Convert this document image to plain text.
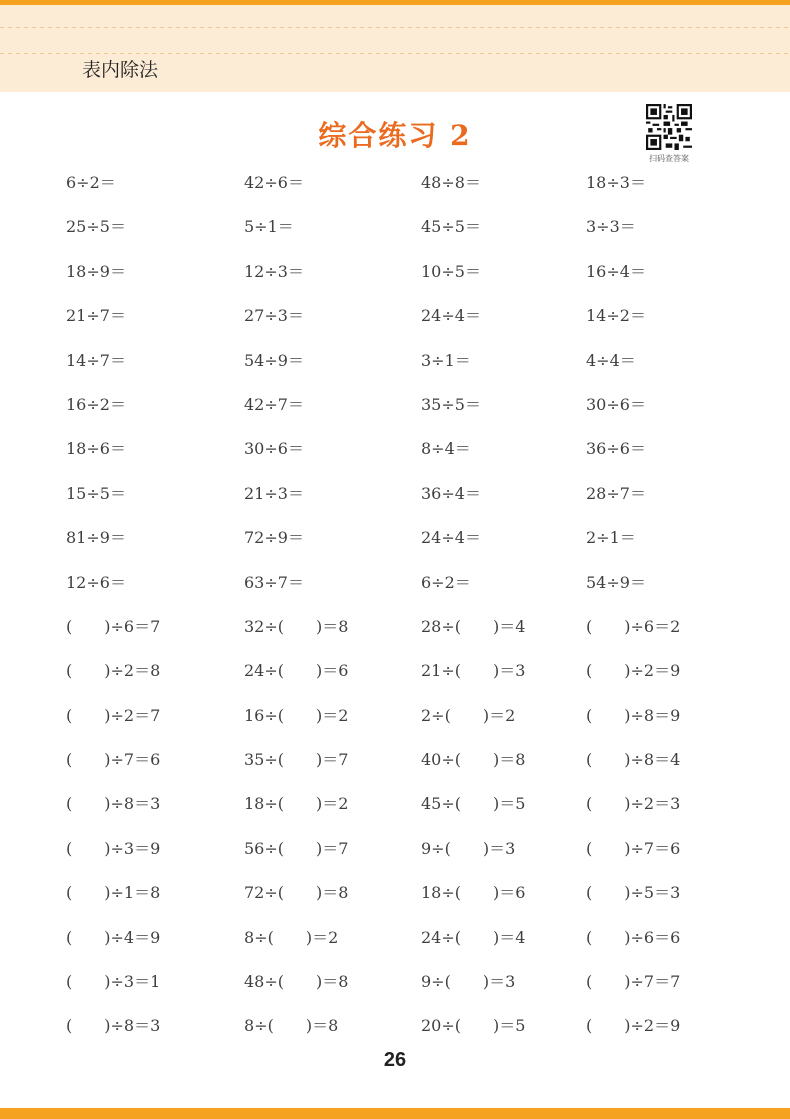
表内除法
综合练习 2
扫码查答案
6÷2＝	42÷6＝	48÷8＝	18÷3＝
25÷5＝	5÷1＝	45÷5＝	3÷3＝
18÷9＝	12÷3＝	10÷5＝	16÷4＝
21÷7＝	27÷3＝	24÷4＝	14÷2＝
14÷7＝	54÷9＝	3÷1＝	4÷4＝
16÷2＝	42÷7＝	35÷5＝	30÷6＝
18÷6＝	30÷6＝	8÷4＝	36÷6＝
15÷5＝	21÷3＝	36÷4＝	28÷7＝
81÷9＝	72÷9＝	24÷4＝	2÷1＝
12÷6＝	63÷7＝	6÷2＝	54÷9＝
(　　)÷6＝7	32÷(　　)＝8	28÷(　　)＝4	(　　)÷6＝2
(　　)÷2＝8	24÷(　　)＝6	21÷(　　)＝3	(　　)÷2＝9
(　　)÷2＝7	16÷(　　)＝2	2÷(　　)＝2	(　　)÷8＝9
(　　)÷7＝6	35÷(　　)＝7	40÷(　　)＝8	(　　)÷8＝4
(　　)÷8＝3	18÷(　　)＝2	45÷(　　)＝5	(　　)÷2＝3
(　　)÷3＝9	56÷(　　)＝7	9÷(　　)＝3	(　　)÷7＝6
(　　)÷1＝8	72÷(　　)＝8	18÷(　　)＝6	(　　)÷5＝3
(　　)÷4＝9	8÷(　　)＝2	24÷(　　)＝4	(　　)÷6＝6
(　　)÷3＝1	48÷(　　)＝8	9÷(　　)＝3	(　　)÷7＝7
(　　)÷8＝3	8÷(　　)＝8	20÷(　　)＝5	(　　)÷2＝9
26
